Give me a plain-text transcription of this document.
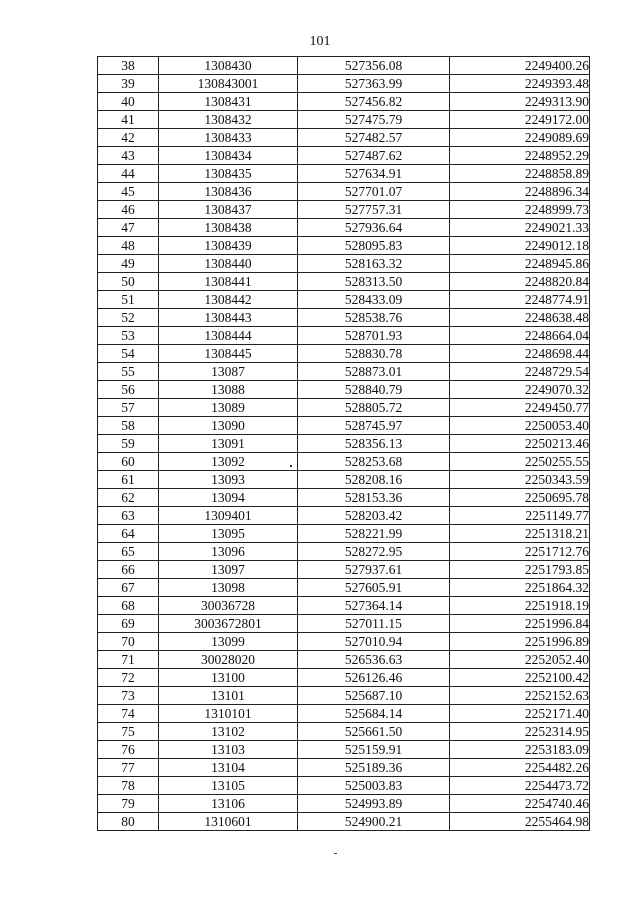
101
38	1308430	527356.08	2249400.26
39	130843001	527363.99	2249393.48
40	1308431	527456.82	2249313.90
41	1308432	527475.79	2249172.00
42	1308433	527482.57	2249089.69
43	1308434	527487.62	2248952.29
44	1308435	527634.91	2248858.89
45	1308436	527701.07	2248896.34
46	1308437	527757.31	2248999.73
47	1308438	527936.64	2249021.33
48	1308439	528095.83	2249012.18
49	1308440	528163.32	2248945.86
50	1308441	528313.50	2248820.84
51	1308442	528433.09	2248774.91
52	1308443	528538.76	2248638.48
53	1308444	528701.93	2248664.04
54	1308445	528830.78	2248698.44
55	13087	528873.01	2248729.54
56	13088	528840.79	2249070.32
57	13089	528805.72	2249450.77
58	13090	528745.97	2250053.40
59	13091	528356.13	2250213.46
60	13092	528253.68	2250255.55
61	13093	528208.16	2250343.59
62	13094	528153.36	2250695.78
63	1309401	528203.42	2251149.77
64	13095	528221.99	2251318.21
65	13096	528272.95	2251712.76
66	13097	527937.61	2251793.85
67	13098	527605.91	2251864.32
68	30036728	527364.14	2251918.19
69	3003672801	527011.15	2251996.84
70	13099	527010.94	2251996.89
71	30028020	526536.63	2252052.40
72	13100	526126.46	2252100.42
73	13101	525687.10	2252152.63
74	1310101	525684.14	2252171.40
75	13102	525661.50	2252314.95
76	13103	525159.91	2253183.09
77	13104	525189.36	2254482.26
78	13105	525003.83	2254473.72
79	13106	524993.89	2254740.46
80	1310601	524900.21	2255464.98
